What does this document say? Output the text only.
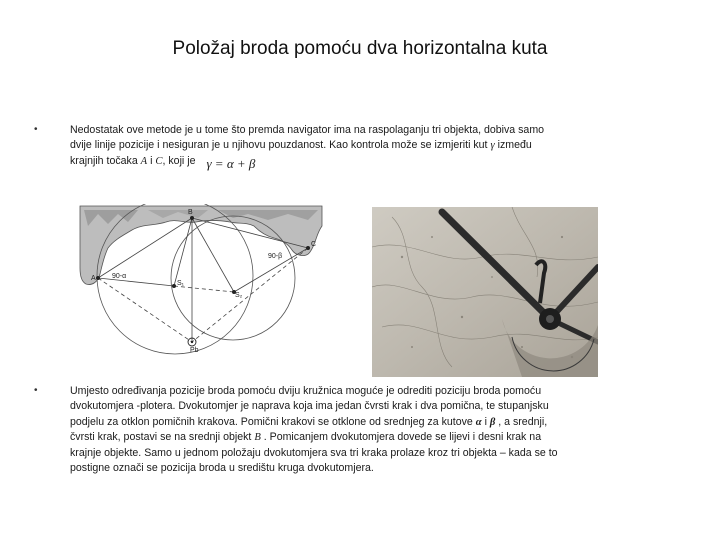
Položaj broda pomoću dva horizontalna kuta
•	Nedostatak ove metode je u tome što premda navigator ima na raspolaganju tri objekta, dobiva samo
dvije linije pozicije i nesiguran je u njihovu pouzdanost. Kao kontrola može se izmjeriti kut γ između
krajnjih točaka A i C, koji je γ = α + β
B
C
A
S₁
S₂
Pb
90-α
90-β
•	Umjesto određivanja pozicije broda pomoću dviju kružnica moguće je odrediti poziciju broda pomoću
dvokutomjera -plotera. Dvokutomjer je naprava koja ima jedan čvrsti krak i dva pomična, te stupanjsku
podjelu za otklon pomičnih krakova. Pomični krakovi se otklone od srednjeg za kutove α i β , a srednji,
čvrsti krak, postavi se na srednji objekt B . Pomicanjem dvokutomjera dovede se lijevi i desni krak na
krajnje objekte. Samo u jednom položaju dvokutomjera sva tri kraka prolaze kroz tri objekta – kada se to
postigne označi se pozicija broda u središtu kruga dvokutomjera.
